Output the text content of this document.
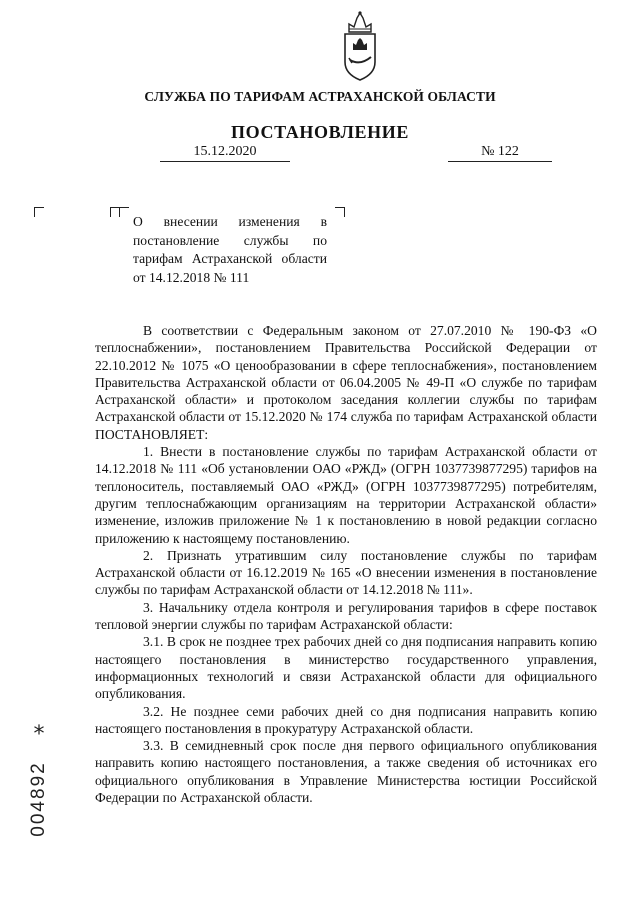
СЛУЖБА ПО ТАРИФАМ АСТРАХАНСКОЙ ОБЛАСТИ
ПОСТАНОВЛЕНИЕ
15.12.2020	№ 122
О внесении изменения в постановление службы по тарифам Астраханской области от 14.12.2018 № 111

В соответствии с Федеральным законом от 27.07.2010 № 190-ФЗ «О теплоснабжении», постановлением Правительства Российской Федерации от 22.10.2012 № 1075 «О ценообразовании в сфере теплоснабжения», постановлением Правительства Астраханской области от 06.04.2005 № 49-П «О службе по тарифам Астраханской области» и протоколом заседания коллегии службы по тарифам Астраханской области от 15.12.2020 № 174 служба по тарифам Астраханской области ПОСТАНОВЛЯЕТ:

1. Внести в постановление службы по тарифам Астраханской области от 14.12.2018 № 111 «Об установлении ОАО «РЖД» (ОГРН 1037739877295) тарифов на теплоноситель, поставляемый ОАО «РЖД» (ОГРН 1037739877295) потребителям, другим теплоснабжающим организациям на территории Астраханской области» изменение, изложив приложение № 1 к постановлению в новой редакции согласно приложению к настоящему постановлению.

2. Признать утратившим силу постановление службы по тарифам Астраханской области от 16.12.2019 № 165 «О внесении изменения в постановление службы по тарифам Астраханской области от 14.12.2018 № 111».

3. Начальнику отдела контроля и регулирования тарифов в сфере поставок тепловой энергии службы по тарифам Астраханской области:

3.1. В срок не позднее трех рабочих дней со дня подписания направить копию настоящего постановления в министерство государственного управления, информационных технологий и связи Астраханской области для официального опубликования.

3.2. Не позднее семи рабочих дней со дня подписания направить копию настоящего постановления в прокуратуру Астраханской области.

3.3. В семидневный срок после дня первого официального опубликования направить копию настоящего постановления, а также сведения об источниках его официального опубликования в Управление Министерства юстиции Российской Федерации по Астраханской области.

*
004892
